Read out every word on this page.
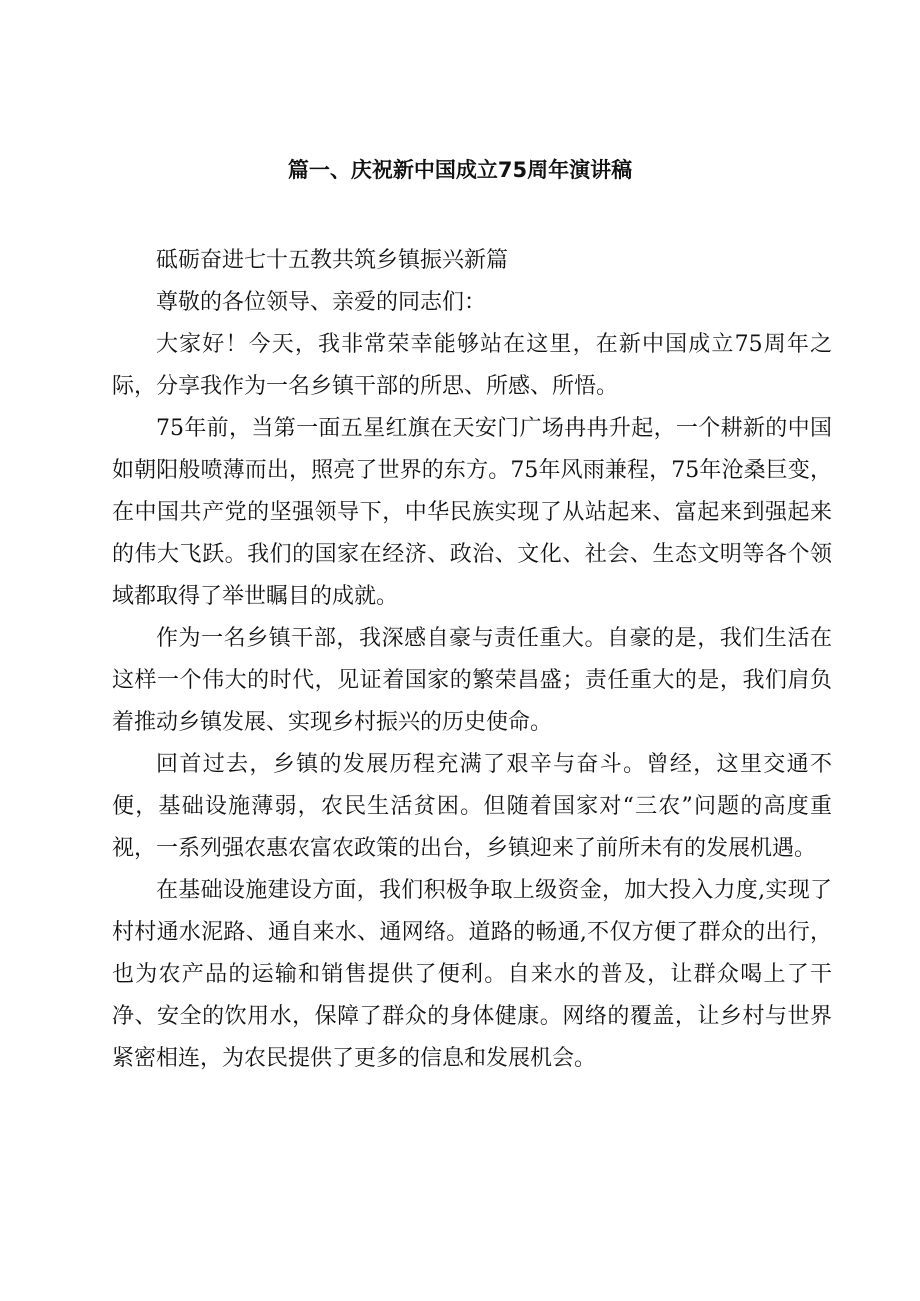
篇一、庆祝新中国成立75周年演讲稿

砥砺奋进七十五教共筑乡镇振兴新篇

尊敬的各位领导、亲爱的同志们：

大家好！今天，我非常荣幸能够站在这里，在新中国成立75周年之际，分享我作为一名乡镇干部的所思、所感、所悟。

75年前，当第一面五星红旗在天安门广场冉冉升起，一个耕新的中国如朝阳般喷薄而出，照亮了世界的东方。75年风雨兼程，75年沧桑巨变，在中国共产党的坚强领导下，中华民族实现了从站起来、富起来到强起来的伟大飞跃。我们的国家在经济、政治、文化、社会、生态文明等各个领域都取得了举世瞩目的成就。

作为一名乡镇干部，我深感自豪与责任重大。自豪的是，我们生活在这样一个伟大的时代，见证着国家的繁荣昌盛；责任重大的是，我们肩负着推动乡镇发展、实现乡村振兴的历史使命。

回首过去，乡镇的发展历程充满了艰辛与奋斗。曾经，这里交通不便，基础设施薄弱，农民生活贫困。但随着国家对“三农”问题的高度重视，一系列强农惠农富农政策的出台，乡镇迎来了前所未有的发展机遇。

在基础设施建设方面，我们积极争取上级资金，加大投入力度,实现了村村通水泥路、通自来水、通网络。道路的畅通,不仅方便了群众的出行，也为农产品的运输和销售提供了便利。自来水的普及，让群众喝上了干净、安全的饮用水，保障了群众的身体健康。网络的覆盖，让乡村与世界紧密相连，为农民提供了更多的信息和发展机会。
